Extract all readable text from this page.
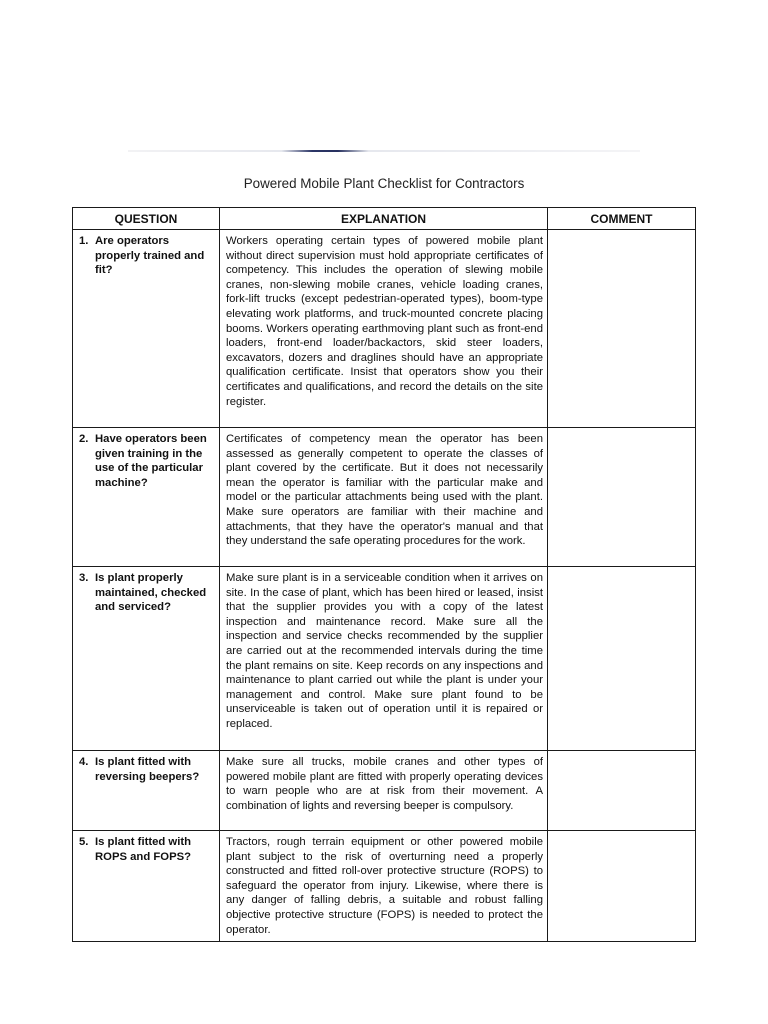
Powered Mobile Plant Checklist for Contractors
QUESTION	EXPLANATION	COMMENT

1. Are operators properly trained and fit?	Workers operating certain types of powered mobile plant without direct supervision must hold appropriate certificates of competency. This includes the operation of slewing mobile cranes, non-slewing mobile cranes, vehicle loading cranes, fork-lift trucks (except pedestrian-operated types), boom-type elevating work platforms, and truck-mounted concrete placing booms. Workers operating earthmoving plant such as front-end loaders, front-end loader/backactors, skid steer loaders, excavators, dozers and draglines should have an appropriate qualification certificate. Insist that operators show you their certificates and qualifications, and record the details on the site register.	

2. Have operators been given training in the use of the particular machine?	Certificates of competency mean the operator has been assessed as generally competent to operate the classes of plant covered by the certificate. But it does not necessarily mean the operator is familiar with the particular make and model or the particular attachments being used with the plant. Make sure operators are familiar with their machine and attachments, that they have the operator's manual and that they understand the safe operating procedures for the work.	

3. Is plant properly maintained, checked and serviced?	Make sure plant is in a serviceable condition when it arrives on site. In the case of plant, which has been hired or leased, insist that the supplier provides you with a copy of the latest inspection and maintenance record. Make sure all the inspection and service checks recommended by the supplier are carried out at the recommended intervals during the time the plant remains on site. Keep records on any inspections and maintenance to plant carried out while the plant is under your management and control. Make sure plant found to be unserviceable is taken out of operation until it is repaired or replaced.	

4. Is plant fitted with reversing beepers?	Make sure all trucks, mobile cranes and other types of powered mobile plant are fitted with properly operating devices to warn people who are at risk from their movement. A combination of lights and reversing beeper is compulsory.	

5. Is plant fitted with ROPS and FOPS?	Tractors, rough terrain equipment or other powered mobile plant subject to the risk of overturning need a properly constructed and fitted roll-over protective structure (ROPS) to safeguard the operator from injury. Likewise, where there is any danger of falling debris, a suitable and robust falling objective protective structure (FOPS) is needed to protect the operator.	
